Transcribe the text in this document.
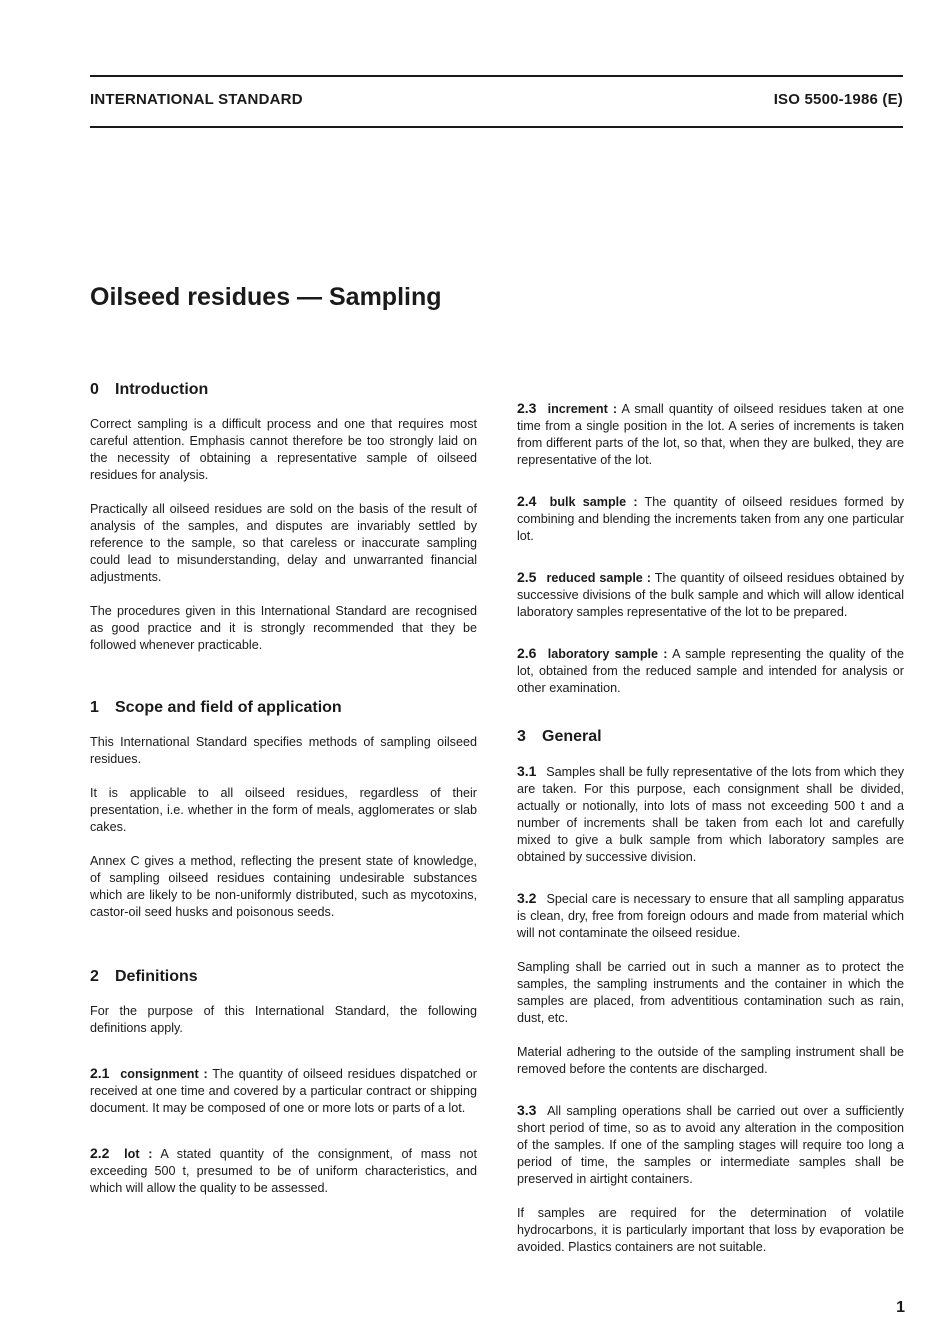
INTERNATIONAL STANDARD	ISO 5500-1986 (E)
Oilseed residues — Sampling
0 Introduction

Correct sampling is a difficult process and one that requires most careful attention. Emphasis cannot therefore be too strongly laid on the necessity of obtaining a representative sample of oilseed residues for analysis.

Practically all oilseed residues are sold on the basis of the result of analysis of the samples, and disputes are invariably settled by reference to the sample, so that careless or inaccurate sampling could lead to misunderstanding, delay and unwarranted financial adjustments.

The procedures given in this International Standard are recognised as good practice and it is strongly recommended that they be followed whenever practicable.

1 Scope and field of application

This International Standard specifies methods of sampling oilseed residues.

It is applicable to all oilseed residues, regardless of their presentation, i.e. whether in the form of meals, agglomerates or slab cakes.

Annex C gives a method, reflecting the present state of knowledge, of sampling oilseed residues containing undesirable substances which are likely to be non-uniformly distributed, such as mycotoxins, castor-oil seed husks and poisonous seeds.

2 Definitions

For the purpose of this International Standard, the following definitions apply.

2.1 consignment : The quantity of oilseed residues dispatched or received at one time and covered by a particular contract or shipping document. It may be composed of one or more lots or parts of a lot.

2.2 lot : A stated quantity of the consignment, of mass not exceeding 500 t, presumed to be of uniform characteristics, and which will allow the quality to be assessed.

2.3 increment : A small quantity of oilseed residues taken at one time from a single position in the lot. A series of increments is taken from different parts of the lot, so that, when they are bulked, they are representative of the lot.

2.4 bulk sample : The quantity of oilseed residues formed by combining and blending the increments taken from any one particular lot.

2.5 reduced sample : The quantity of oilseed residues obtained by successive divisions of the bulk sample and which will allow identical laboratory samples representative of the lot to be prepared.

2.6 laboratory sample : A sample representing the quality of the lot, obtained from the reduced sample and intended for analysis or other examination.

3 General

3.1 Samples shall be fully representative of the lots from which they are taken. For this purpose, each consignment shall be divided, actually or notionally, into lots of mass not exceeding 500 t and a number of increments shall be taken from each lot and carefully mixed to give a bulk sample from which laboratory samples are obtained by successive division.

3.2 Special care is necessary to ensure that all sampling apparatus is clean, dry, free from foreign odours and made from material which will not contaminate the oilseed residue.

Sampling shall be carried out in such a manner as to protect the samples, the sampling instruments and the container in which the samples are placed, from adventitious contamination such as rain, dust, etc.

Material adhering to the outside of the sampling instrument shall be removed before the contents are discharged.

3.3 All sampling operations shall be carried out over a sufficiently short period of time, so as to avoid any alteration in the composition of the samples. If one of the sampling stages will require too long a period of time, the samples or intermediate samples shall be preserved in airtight containers.

If samples are required for the determination of volatile hydrocarbons, it is particularly important that loss by evaporation be avoided. Plastics containers are not suitable.

1
